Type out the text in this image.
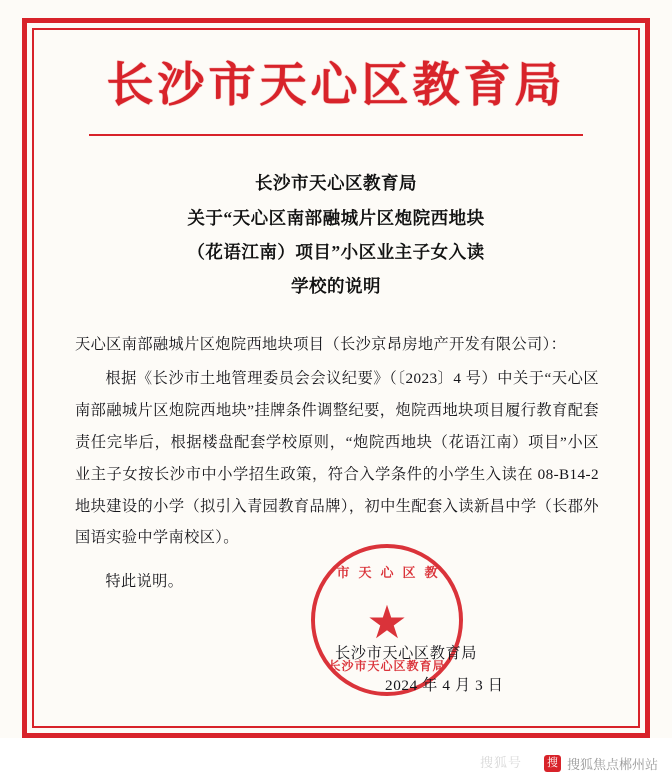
长沙市天心区教育局
长沙市天心区教育局
关于“天心区南部融城片区炮院西地块
（花语江南）项目”小区业主子女入读
学校的说明

天心区南部融城片区炮院西地块项目（长沙京昂房地产开发有限公司）：

根据《长沙市土地管理委员会会议纪要》（〔2023〕4 号）中关于“天心区南部融城片区炮院西地块”挂牌条件调整纪要，炮院西地块项目履行教育配套责任完毕后，根据楼盘配套学校原则，“炮院西地块（花语江南）项目”小区业主子女按长沙市中小学招生政策，符合入学条件的小学生入读在 08-B14-2 地块建设的小学（拟引入青园教育品牌），初中生配套入读新昌中学（长郡外国语实验中学南校区）。

特此说明。

市天心区教
★
长沙市天心区教育局
长沙市天心区教育局
2024 年 4 月 3 日
搜狐号 搜 搜狐焦点郴州站
